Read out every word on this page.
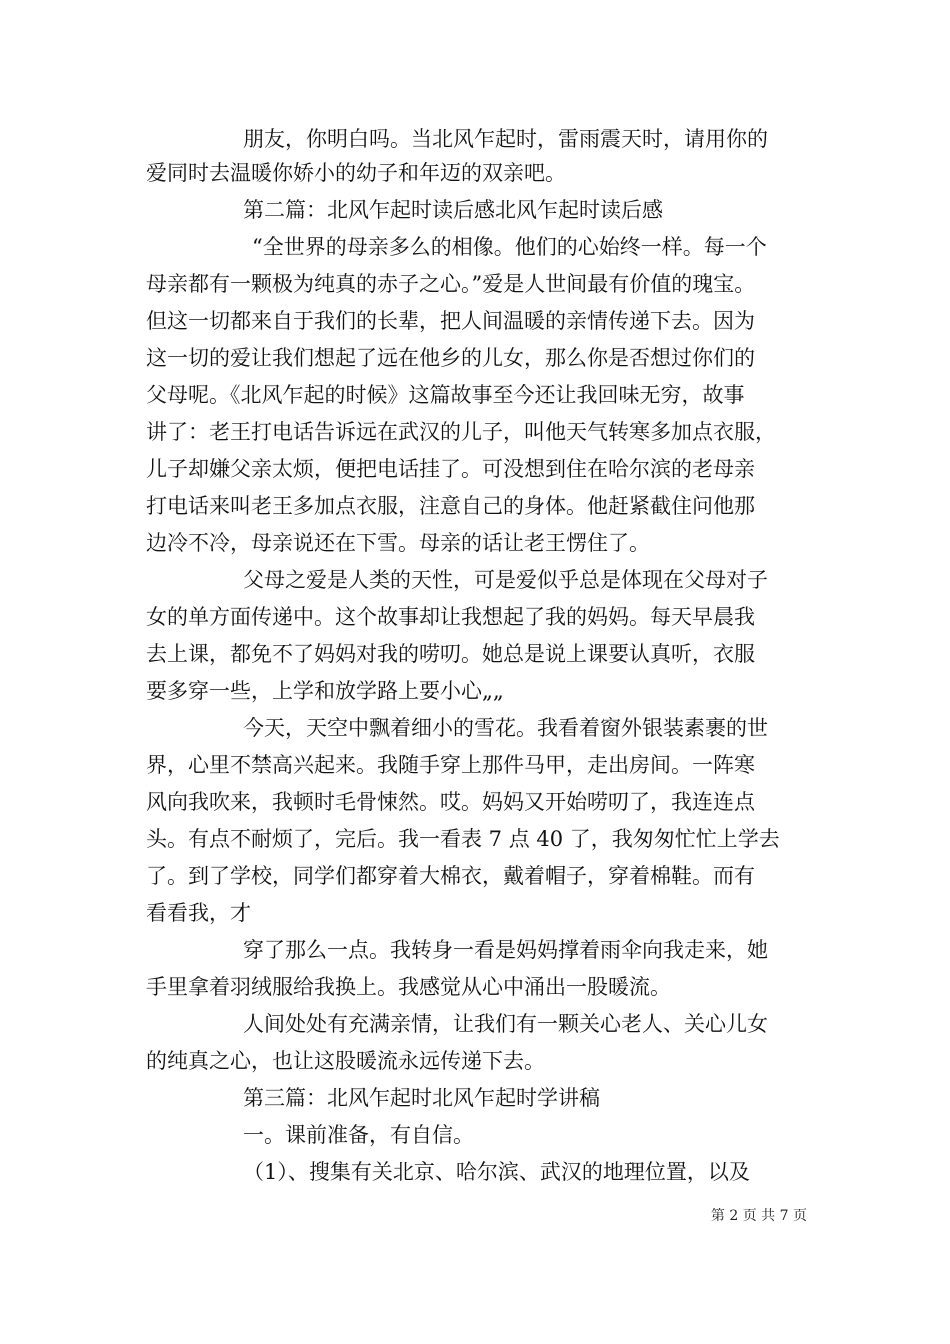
朋友，你明白吗。当北风乍起时，雷雨震天时，请用你的
爱同时去温暖你娇小的幼子和年迈的双亲吧。
第二篇：北风乍起时读后感北风乍起时读后感
“全世界的母亲多么的相像。他们的心始终一样。每一个
母亲都有一颗极为纯真的赤子之心。”爱是人世间最有价值的瑰宝。
但这一切都来自于我们的长辈，把人间温暖的亲情传递下去。因为
这一切的爱让我们想起了远在他乡的儿女，那么你是否想过你们的
父母呢。《北风乍起的时候》这篇故事至今还让我回味无穷，故事
讲了：老王打电话告诉远在武汉的儿子，叫他天气转寒多加点衣服，
儿子却嫌父亲太烦，便把电话挂了。可没想到住在哈尔滨的老母亲
打电话来叫老王多加点衣服，注意自己的身体。他赶紧截住问他那
边冷不冷，母亲说还在下雪。母亲的话让老王愣住了。
父母之爱是人类的天性，可是爱似乎总是体现在父母对子
女的单方面传递中。这个故事却让我想起了我的妈妈。每天早晨我
去上课，都免不了妈妈对我的唠叨。她总是说上课要认真听，衣服
要多穿一些，上学和放学路上要小心„„
今天，天空中飘着细小的雪花。我看着窗外银装素裹的世
界，心里不禁高兴起来。我随手穿上那件马甲，走出房间。一阵寒
风向我吹来，我顿时毛骨悚然。哎。妈妈又开始唠叨了，我连连点
头。有点不耐烦了，完后。我一看表 7 点 40 了，我匆匆忙忙上学去
了。到了学校，同学们都穿着大棉衣，戴着帽子，穿着棉鞋。而有
看看我，才
穿了那么一点。我转身一看是妈妈撑着雨伞向我走来，她
手里拿着羽绒服给我换上。我感觉从心中涌出一股暖流。
人间处处有充满亲情，让我们有一颗关心老人、关心儿女
的纯真之心，也让这股暖流永远传递下去。
第三篇：北风乍起时北风乍起时学讲稿
一。课前准备，有自信。
（1）、搜集有关北京、哈尔滨、武汉的地理位置，以及
第 2 页 共 7 页
